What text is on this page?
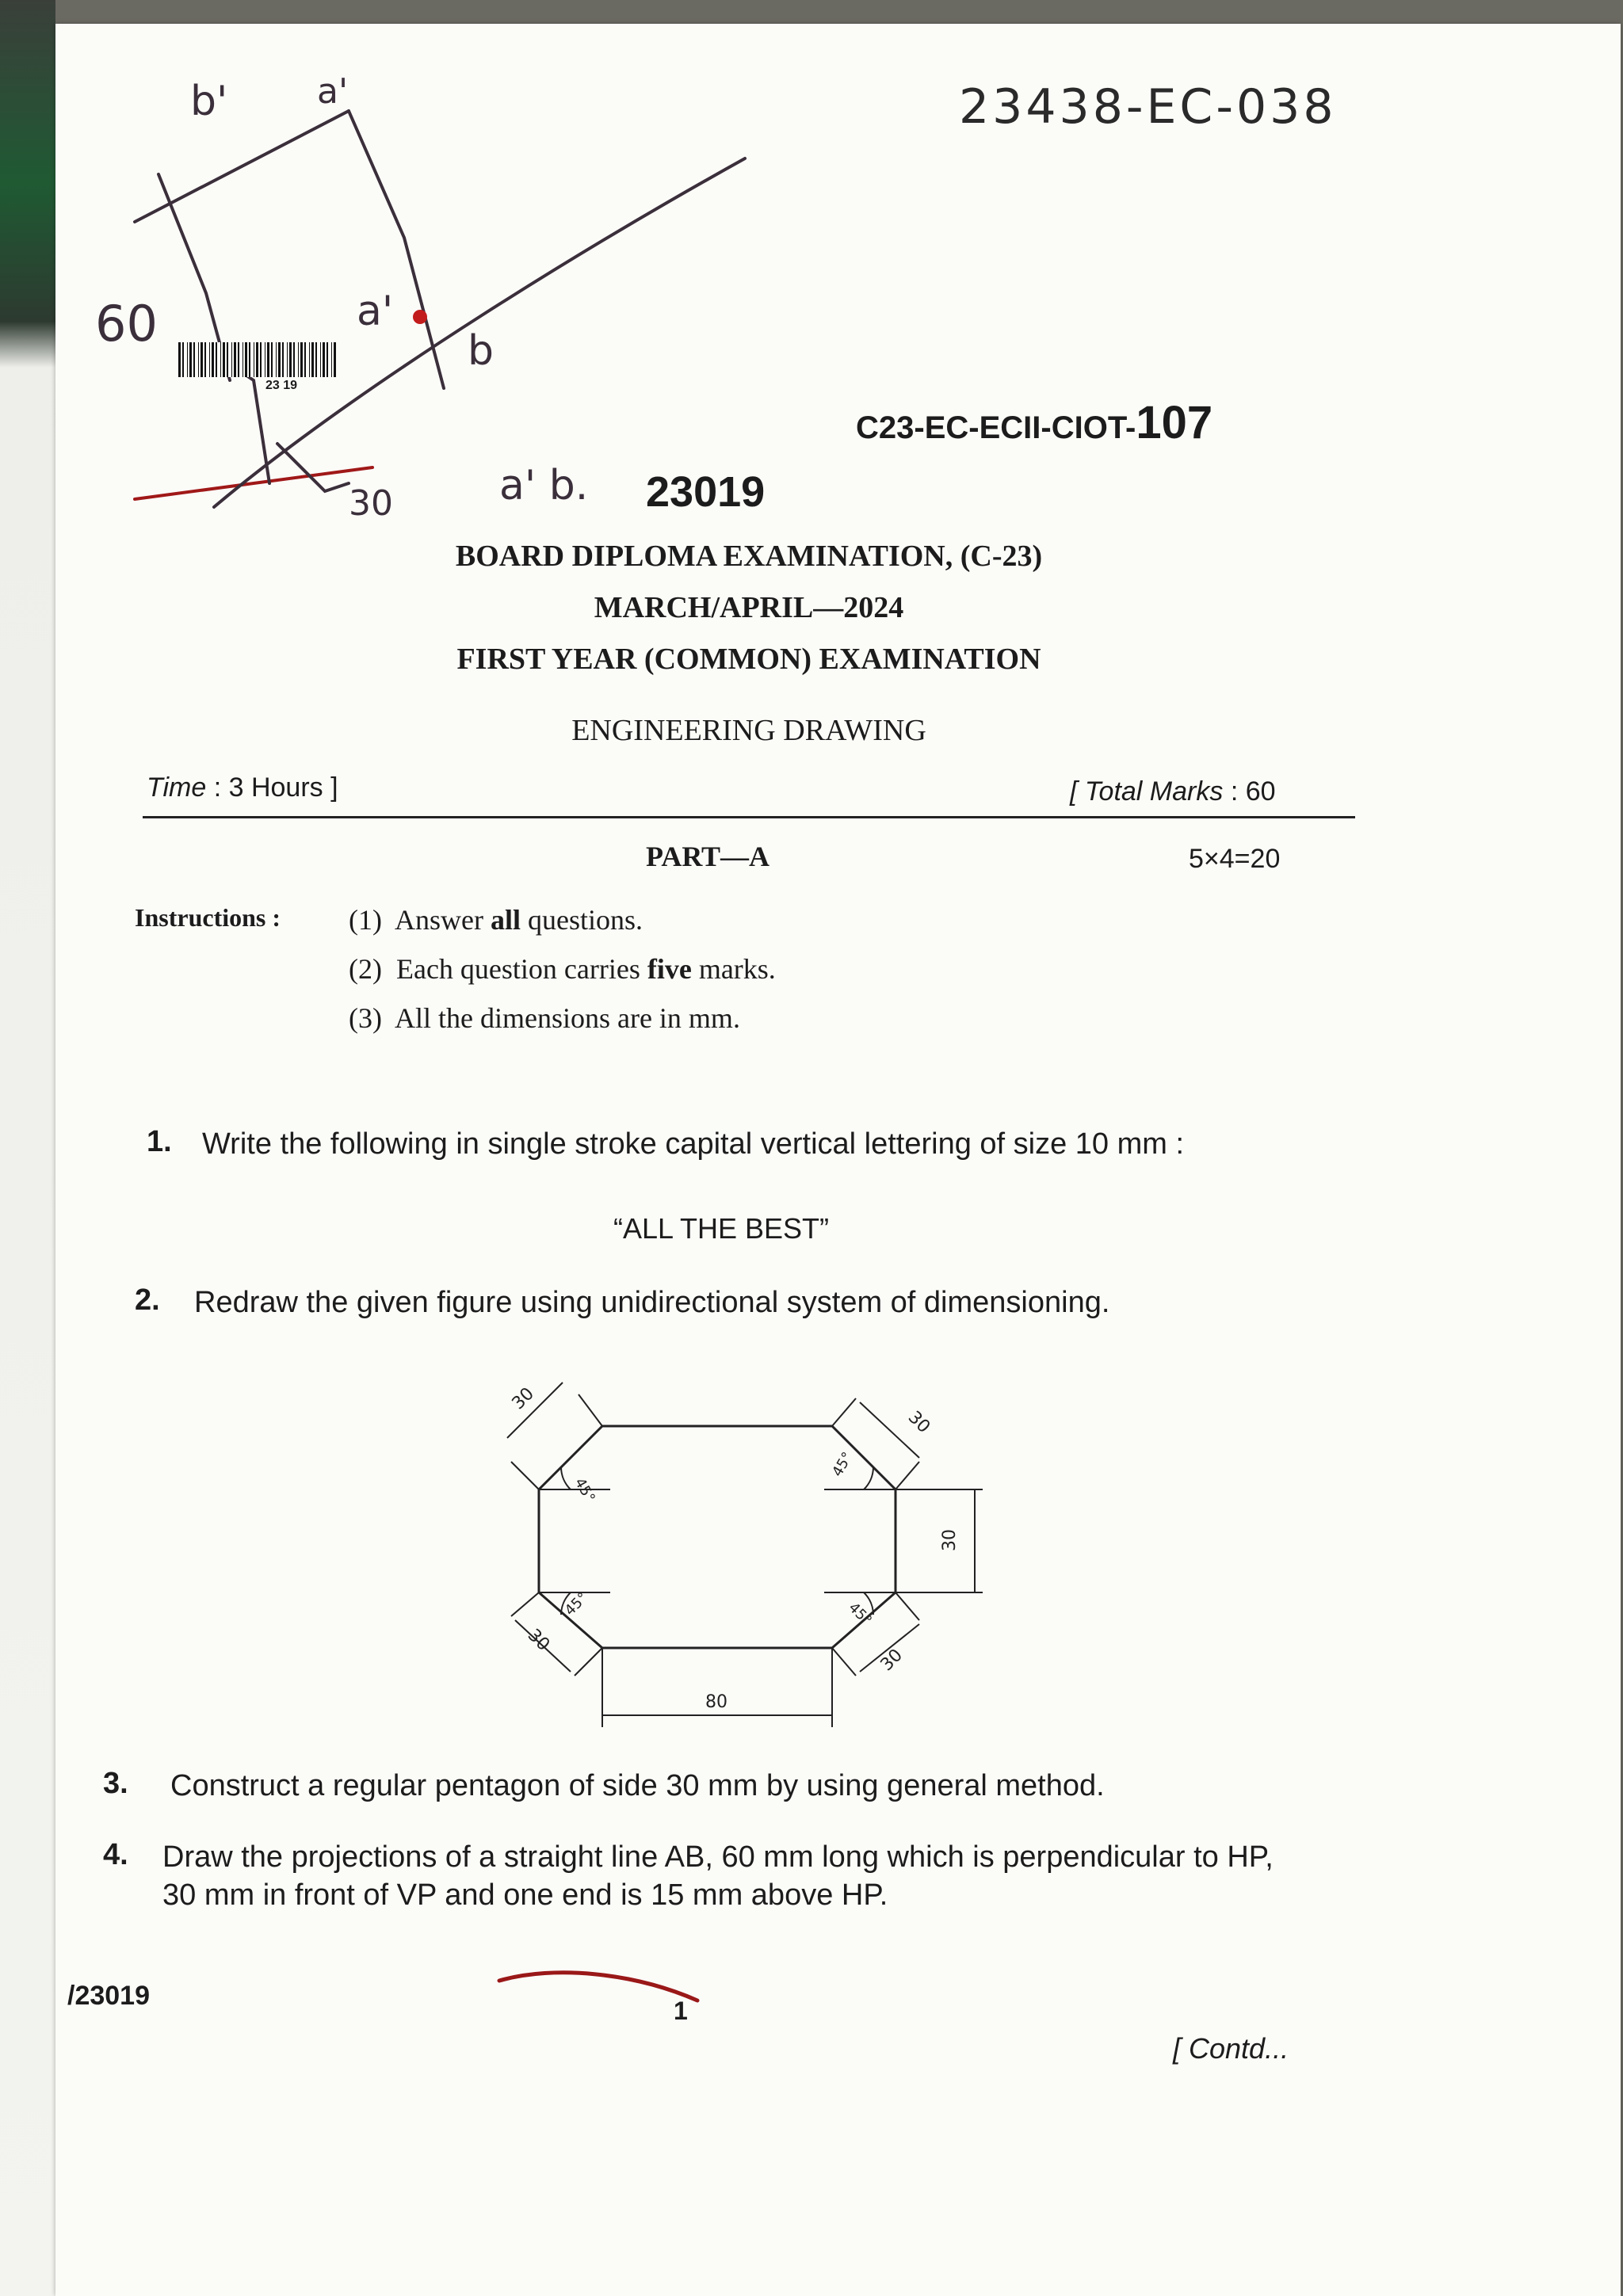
23438-EC-038
b'	a'
60	a'
b
30	a' b.
23 19
C23-EC-ECII-CIOT-107
23019
BOARD DIPLOMA EXAMINATION, (C-23)
MARCH/APRIL—2024
FIRST YEAR (COMMON) EXAMINATION
ENGINEERING DRAWING
Time : 3 Hours ]	[ Total Marks : 60
PART—A	5×4=20
Instructions : (1) Answer all questions.
(2) Each question carries five marks.
(3) All the dimensions are in mm.
1. Write the following in single stroke capital vertical lettering of size 10 mm :
“ALL THE BEST”
2. Redraw the given figure using unidirectional system of dimensioning.
30
30
30
30
30
80
45°
45°
45°	45°
3. Construct a regular pentagon of side 30 mm by using general method.
4. Draw the projections of a straight line AB, 60 mm long which is perpendicular to HP, 30 mm in front of VP and one end is 15 mm above HP.
/23019	1
[ Contd...
